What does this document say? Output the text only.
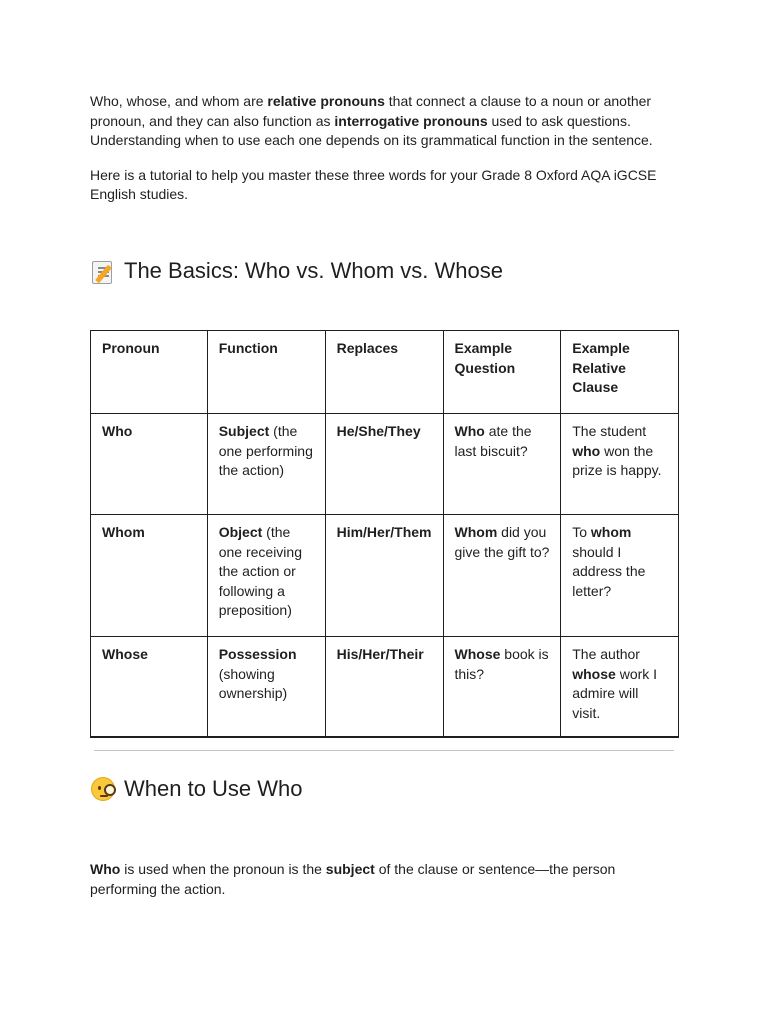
Who, whose, and whom are relative pronouns that connect a clause to a noun or another pronoun, and they can also function as interrogative pronouns used to ask questions. Understanding when to use each one depends on its grammatical function in the sentence.

Here is a tutorial to help you master these three words for your Grade 8 Oxford AQA iGCSE English studies.

The Basics: Who vs. Whom vs. Whose
Pronoun	Function	Replaces	Example Question	Example Relative Clause
Who	Subject (the one performing the action)	He/She/They	Who ate the last biscuit?	The student who won the prize is happy.
Whom	Object (the one receiving the action or following a preposition)	Him/Her/Them	Whom did you give the gift to?	To whom should I address the letter?
Whose	Possession (showing ownership)	His/Her/Their	Whose book is this?	The author whose work I admire will visit.
When to Use Who

Who is used when the pronoun is the subject of the clause or sentence—the person performing the action.
